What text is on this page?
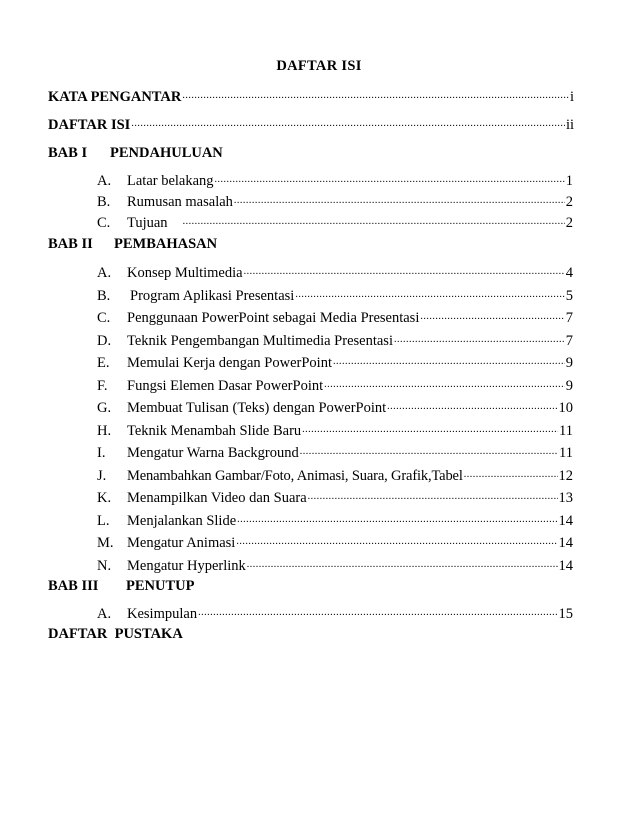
DAFTAR ISI
KATA PENGANTAR .....	i
DAFTAR ISI .....	ii
BAB I PENDAHULUAN
A.	Latar belakang .....	1
B.	Rumusan masalah .....	2
C.	Tujuan .....	2
BAB II PEMBAHASAN
A.	Konsep Multimedia .....	4
B.	Program Aplikasi Presentasi .....	5
C.	Penggunaan PowerPoint sebagai Media Presentasi .....	7
D.	Teknik Pengembangan Multimedia Presentasi .....	7
E.	Memulai Kerja dengan PowerPoint .....	9
F.	Fungsi Elemen Dasar PowerPoint .....	9
G.	Membuat Tulisan (Teks) dengan PowerPoint .....	10
H.	Teknik Menambah Slide Baru .....	11
I.	Mengatur Warna Background .....	11
J.	Menambahkan Gambar/Foto, Animasi, Suara, Grafik,Tabel .....	12
K.	Menampilkan Video dan Suara .....	13
L.	Menjalankan Slide .....	14
M. Mengatur Animasi .....	14
N.	Mengatur Hyperlink .....	14
BAB III PENUTUP
A.	Kesimpulan .....	15
DAFTAR  PUSTAKA
